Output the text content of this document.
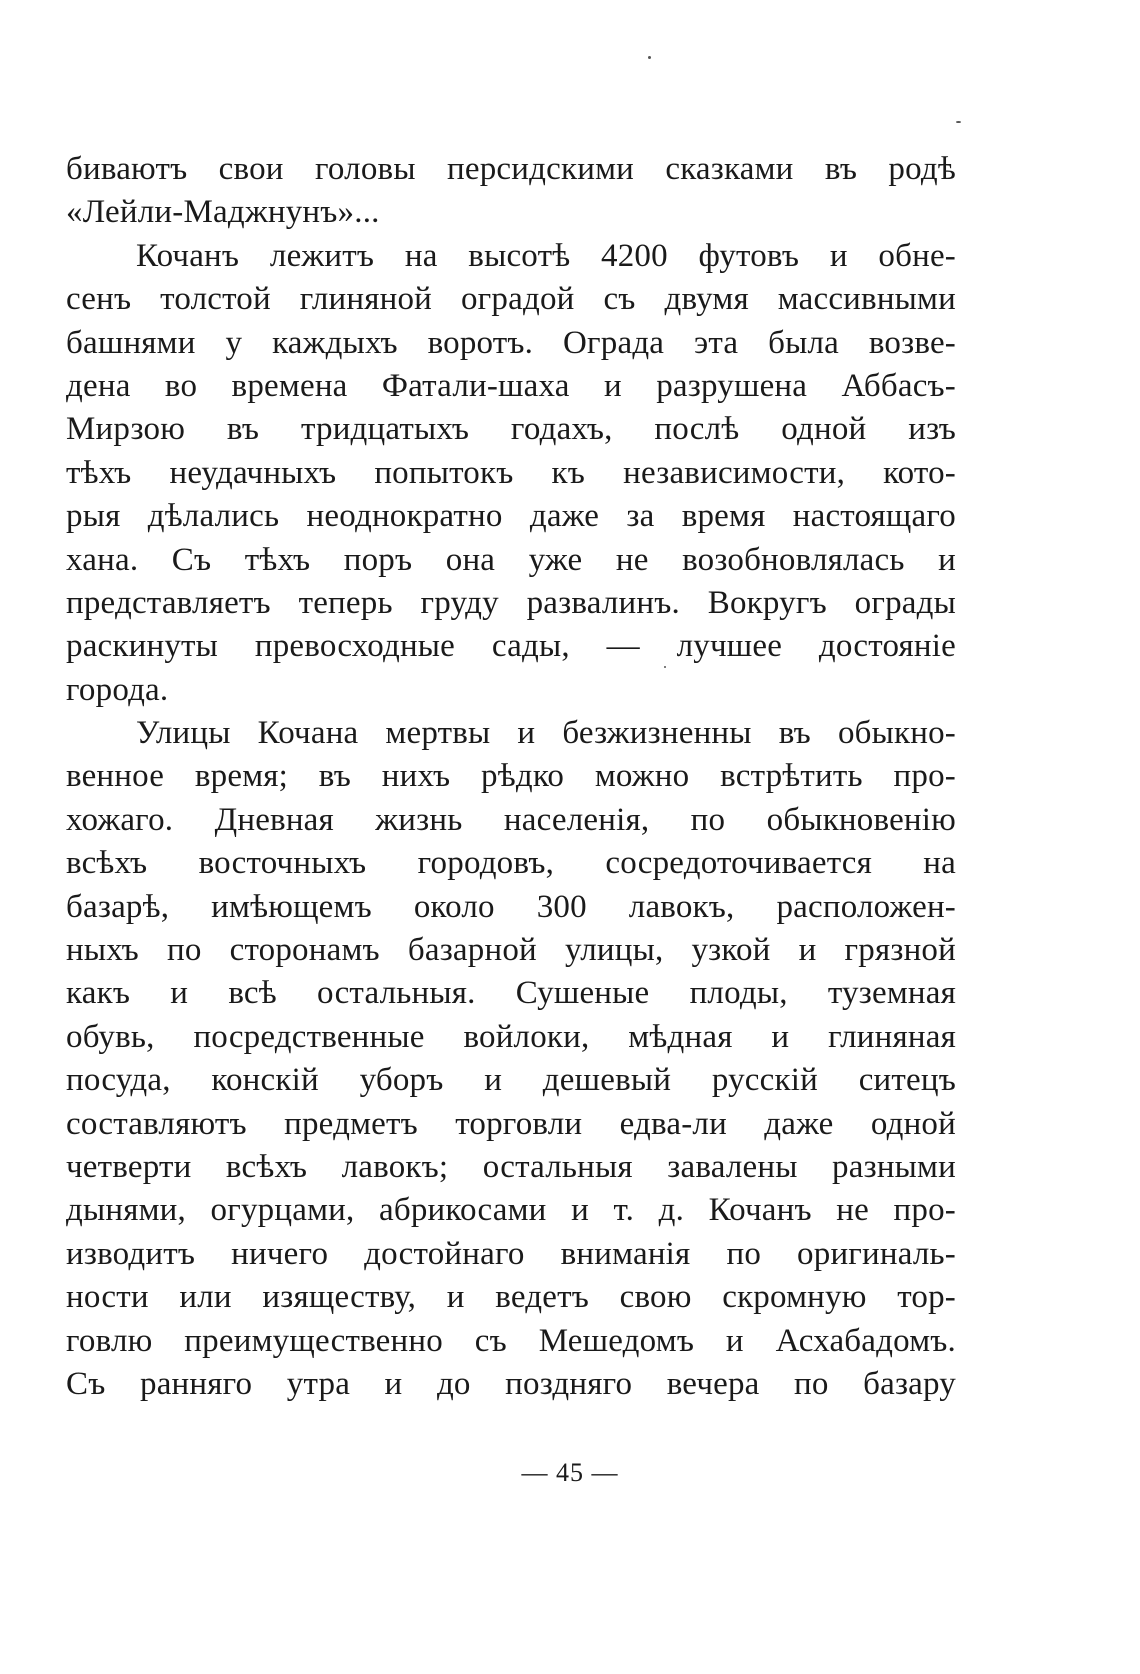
биваютъ свои головы персидскими сказками въ родѣ
«Лейли-Маджнунъ»...
Кочанъ лежитъ на высотѣ 4200 футовъ и обне-
сенъ толстой глиняной оградой съ двумя массивными
башнями у каждыхъ воротъ. Ограда эта была возве-
дена во времена Фатали-шаха и разрушена Аббасъ-
Мирзою въ тридцатыхъ годахъ, послѣ одной изъ
тѣхъ неудачныхъ попытокъ къ независимости, кото-
рыя дѣлались неоднократно даже за время настоящаго
хана. Съ тѣхъ поръ она уже не возобновлялась и
представляетъ теперь груду развалинъ. Вокругъ ограды
раскинуты превосходные сады, — лучшее достоянiе
города.
Улицы Кочана мертвы и безжизненны въ обыкно-
венное время; въ нихъ рѣдко можно встрѣтить про-
хожаго. Дневная жизнь населенiя, по обыкновенiю
всѣхъ восточныхъ городовъ, сосредоточивается на
базарѣ, имѣющемъ около 300 лавокъ, расположен-
ныхъ по сторонамъ базарной улицы, узкой и грязной
какъ и всѣ остальныя. Сушеные плоды, туземная
обувь, посредственные войлоки, мѣдная и глиняная
посуда, конскiй уборъ и дешевый русскiй ситецъ
составляютъ предметъ торговли едва-ли даже одной
четверти всѣхъ лавокъ; остальныя завалены разными
дынями, огурцами, абрикосами и т. д. Кочанъ не про-
изводитъ ничего достойнаго вниманiя по оригиналь-
ности или изяществу, и ведетъ свою скромную тор-
говлю преимущественно съ Мешедомъ и Асхабадомъ.
Съ ранняго утра и до поздняго вечера по базару
— 45 —
